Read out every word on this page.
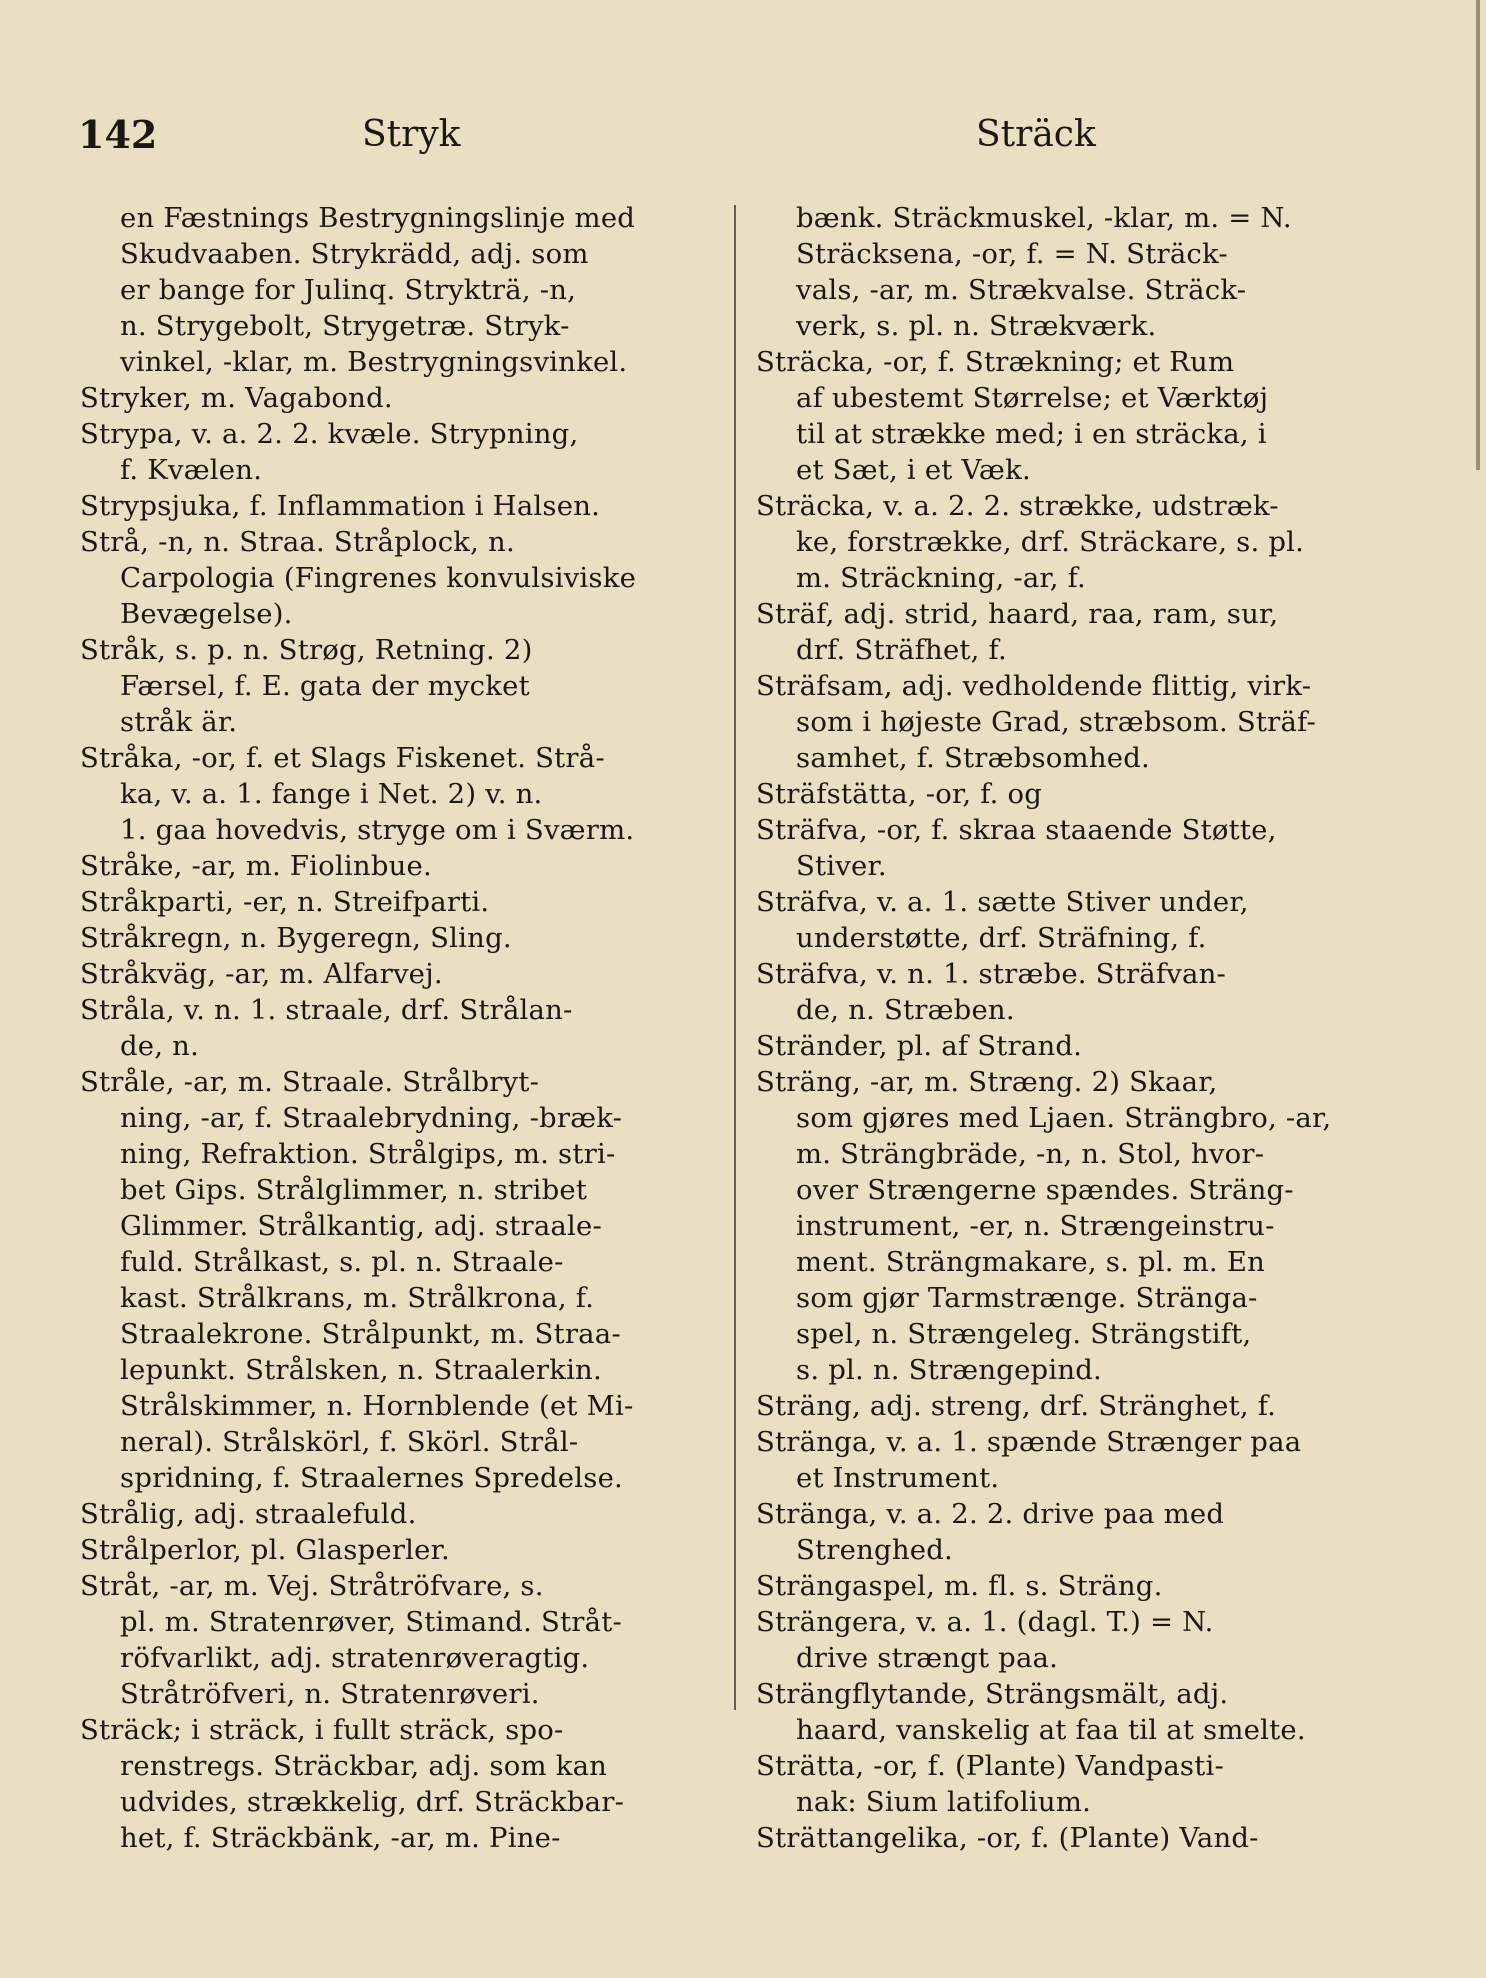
142	Stryk	Sträck
en Fæstnings Bestrygningslinje med
Skudvaaben. Strykrädd, adj. som
er bange for Julinq. Strykträ, -n,
n. Strygebolt, Strygetræ. Stryk-
vinkel, -klar, m. Bestrygningsvinkel.
Stryker, m. Vagabond.
Strypa, v. a. 2. 2. kvæle. Strypning,
f. Kvælen.
Strypsjuka, f. Inflammation i Halsen.
Strå, -n, n. Straa. Stråplock, n.
Carpologia (Fingrenes konvulsiviske
Bevægelse).
Stråk, s. p. n. Strøg, Retning. 2)
Færsel, f. E. gata der mycket
stråk är.
Stråka, -or, f. et Slags Fiskenet. Strå-
ka, v. a. 1. fange i Net. 2) v. n.
1. gaa hovedvis, stryge om i Sværm.
Stråke, -ar, m. Fiolinbue.
Stråkparti, -er, n. Streifparti.
Stråkregn, n. Bygeregn, Sling.
Stråkväg, -ar, m. Alfarvej.
Stråla, v. n. 1. straale, drf. Strålan-
de, n.
Stråle, -ar, m. Straale. Strålbryt-
ning, -ar, f. Straalebrydning, -bræk-
ning, Refraktion. Strålgips, m. stri-
bet Gips. Strålglimmer, n. stribet
Glimmer. Strålkantig, adj. straale-
fuld. Strålkast, s. pl. n. Straale-
kast. Strålkrans, m. Strålkrona, f.
Straalekrone. Strålpunkt, m. Straa-
lepunkt. Strålsken, n. Straalerkin.
Strålskimmer, n. Hornblende (et Mi-
neral). Strålskörl, f. Skörl. Strål-
spridning, f. Straalernes Spredelse.
Strålig, adj. straalefuld.
Strålperlor, pl. Glasperler.
Stråt, -ar, m. Vej. Stråtröfvare, s.
pl. m. Stratenrøver, Stimand. Stråt-
röfvarlikt, adj. stratenrøveragtig.
Stråtröfveri, n. Stratenrøveri.
Sträck; i sträck, i fullt sträck, spo-
renstregs. Sträckbar, adj. som kan
udvides, strækkelig, drf. Sträckbar-
het, f. Sträckbänk, -ar, m. Pine-
bænk. Sträckmuskel, -klar, m. = N.
Sträcksena, -or, f. = N. Sträck-
vals, -ar, m. Strækvalse. Sträck-
verk, s. pl. n. Strækværk.
Sträcka, -or, f. Strækning; et Rum
af ubestemt Størrelse; et Værktøj
til at strække med; i en sträcka, i
et Sæt, i et Væk.
Sträcka, v. a. 2. 2. strække, udstræk-
ke, forstrække, drf. Sträckare, s. pl.
m. Sträckning, -ar, f.
Sträf, adj. strid, haard, raa, ram, sur,
drf. Sträfhet, f.
Sträfsam, adj. vedholdende flittig, virk-
som i højeste Grad, stræbsom. Sträf-
samhet, f. Stræbsomhed.
Sträfstätta, -or, f. og
Sträfva, -or, f. skraa staaende Støtte,
Stiver.
Sträfva, v. a. 1. sætte Stiver under,
understøtte, drf. Sträfning, f.
Sträfva, v. n. 1. stræbe. Sträfvan-
de, n. Stræben.
Stränder, pl. af Strand.
Sträng, -ar, m. Stræng. 2) Skaar,
som gjøres med Ljaen. Strängbro, -ar,
m. Strängbräde, -n, n. Stol, hvor-
over Strængerne spændes. Sträng-
instrument, -er, n. Strængeinstru-
ment. Strängmakare, s. pl. m. En
som gjør Tarmstrænge. Stränga-
spel, n. Strængeleg. Strängstift,
s. pl. n. Strængepind.
Sträng, adj. streng, drf. Stränghet, f.
Stränga, v. a. 1. spænde Strænger paa
et Instrument.
Stränga, v. a. 2. 2. drive paa med
Strenghed.
Strängaspel, m. fl. s. Sträng.
Strängera, v. a. 1. (dagl. T.) = N.
drive strængt paa.
Strängflytande, Strängsmält, adj.
haard, vanskelig at faa til at smelte.
Strätta, -or, f. (Plante) Vandpasti-
nak: Sium latifolium.
Strättangelika, -or, f. (Plante) Vand-
